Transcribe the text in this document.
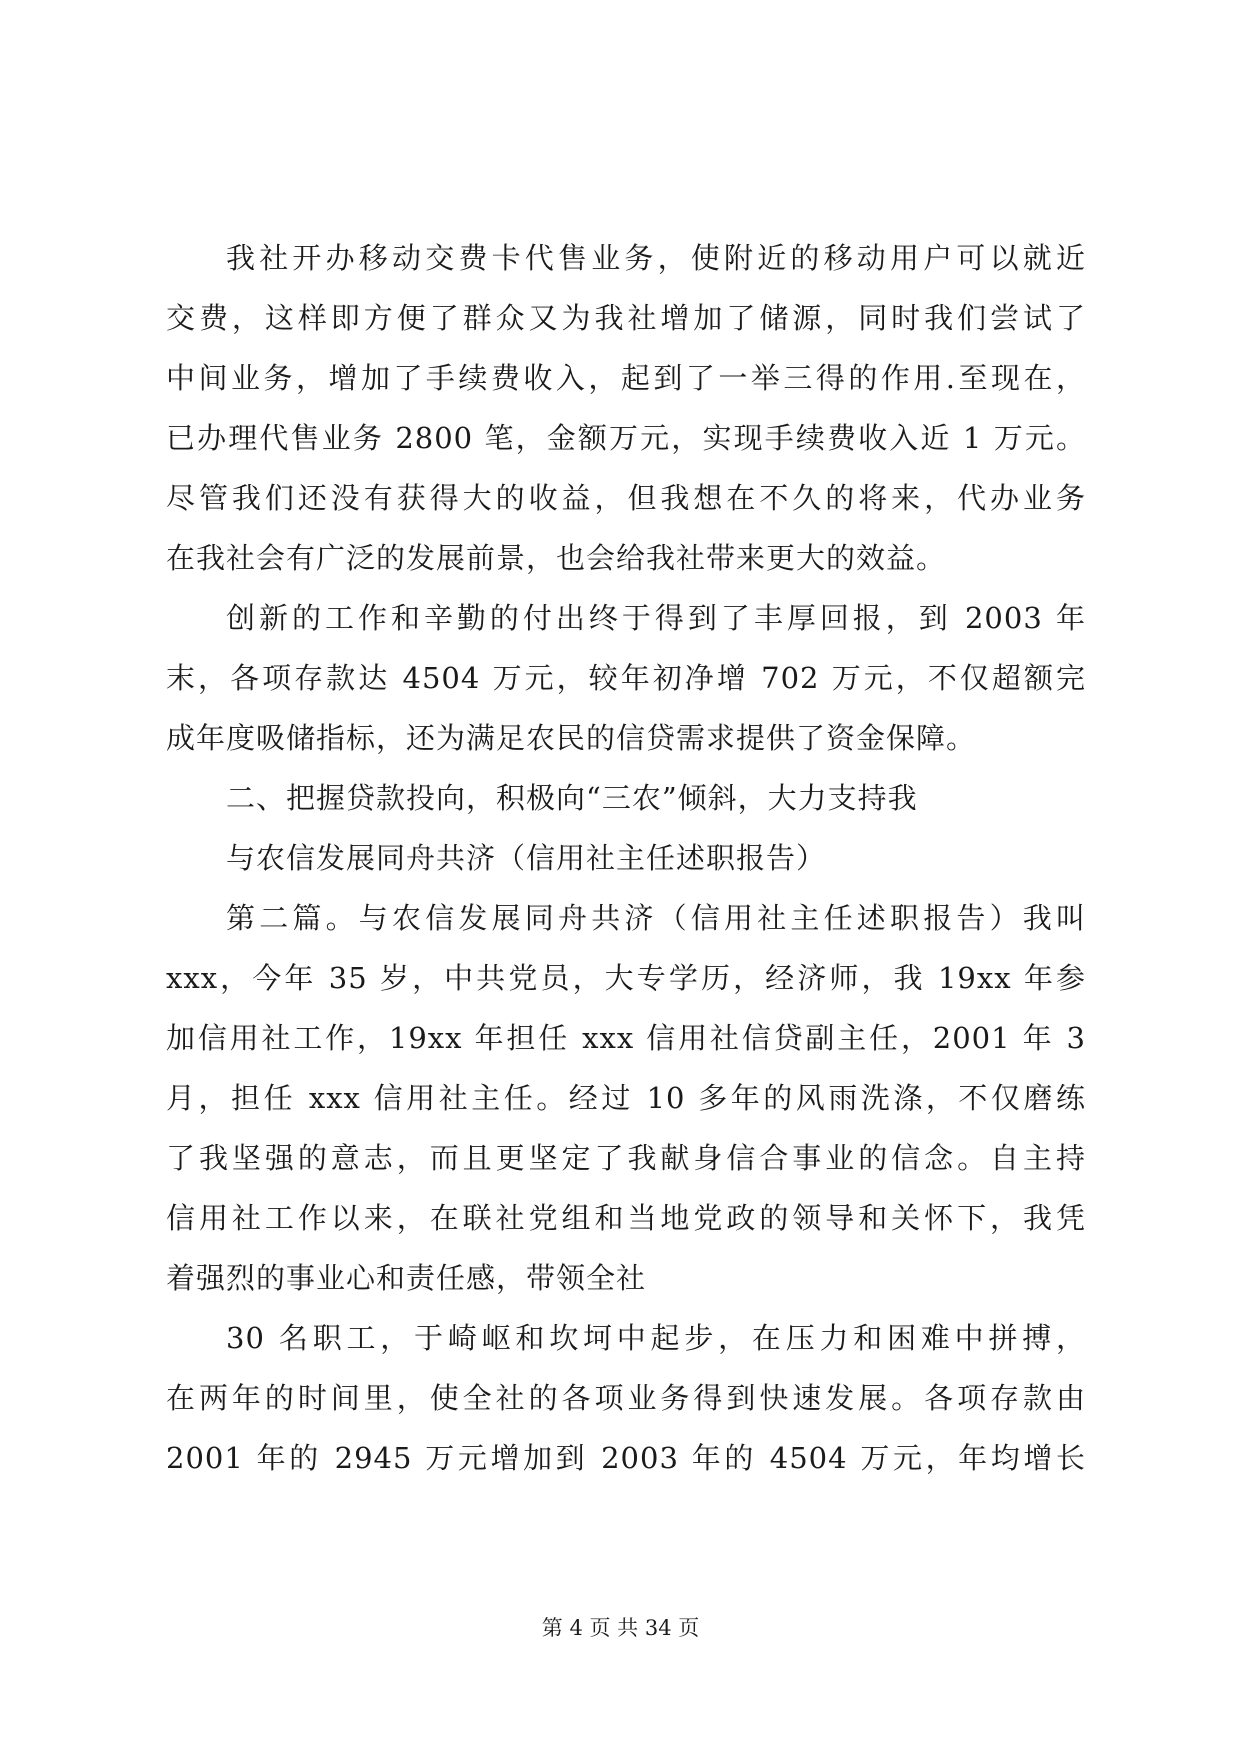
我社开办移动交费卡代售业务，使附近的移动用户可以就近
交费，这样即方便了群众又为我社增加了储源，同时我们尝试了
中间业务，增加了手续费收入，起到了一举三得的作用.至现在，
已办理代售业务 2800 笔，金额万元，实现手续费收入近 1 万元。
尽管我们还没有获得大的收益，但我想在不久的将来，代办业务
在我社会有广泛的发展前景，也会给我社带来更大的效益。
创新的工作和辛勤的付出终于得到了丰厚回报，到 2003 年
末，各项存款达 4504 万元，较年初净增 702 万元，不仅超额完
成年度吸储指标，还为满足农民的信贷需求提供了资金保障。
二、把握贷款投向，积极向“三农”倾斜，大力支持我
与农信发展同舟共济（信用社主任述职报告）
第二篇。与农信发展同舟共济（信用社主任述职报告）我叫
xxx，今年 35 岁，中共党员，大专学历，经济师，我 19xx 年参
加信用社工作，19xx 年担任 xxx 信用社信贷副主任，2001 年 3
月，担任 xxx 信用社主任。经过 10 多年的风雨洗涤，不仅磨练
了我坚强的意志，而且更坚定了我献身信合事业的信念。自主持
信用社工作以来，在联社党组和当地党政的领导和关怀下，我凭
着强烈的事业心和责任感，带领全社
30 名职工，于崎岖和坎坷中起步，在压力和困难中拼搏，
在两年的时间里，使全社的各项业务得到快速发展。各项存款由
2001 年的 2945 万元增加到 2003 年的 4504 万元，年均增长
第 4 页 共 34 页
